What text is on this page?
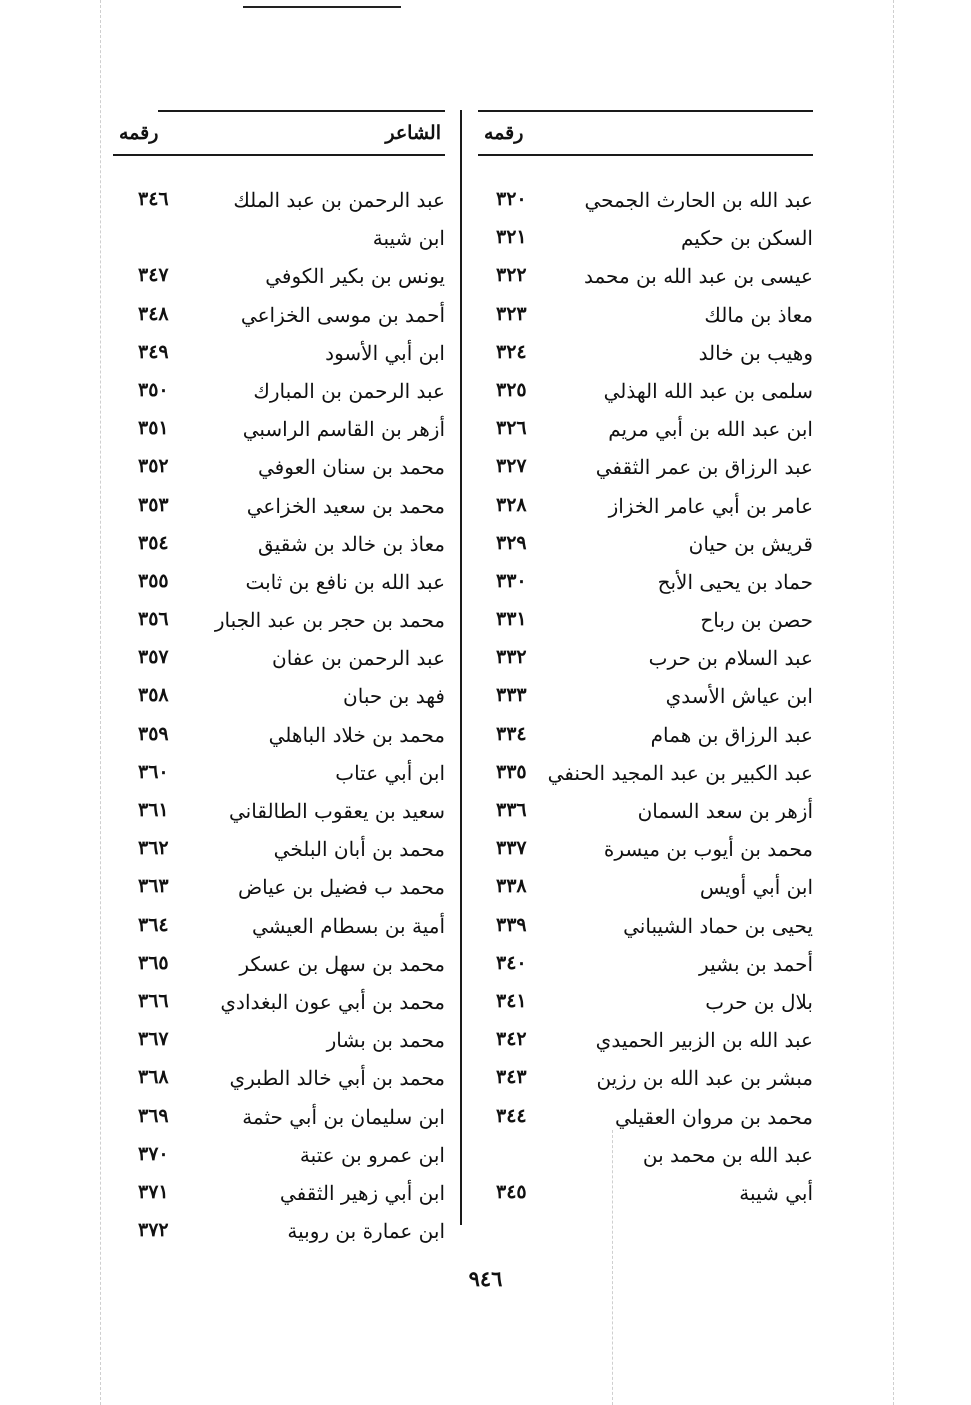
رقمه
عبد الله بن الحارث الجمحي
٣٢٠
السكن بن حكيم
٣٢١
عيسى بن عبد الله بن محمد
٣٢٢
معاذ بن مالك
٣٢٣
وهيب بن خالد
٣٢٤
سلمى بن عبد الله الهذلي
٣٢٥
ابن عبد الله بن أبي مريم
٣٢٦
عبد الرزاق بن عمر الثقفي
٣٢٧
عامر بن أبي عامر الخزاز
٣٢٨
قريش بن حيان
٣٢٩
حماد بن يحيى الأبح
٣٣٠
حصن بن رباح
٣٣١
عبد السلام بن حرب
٣٣٢
ابن عياش الأسدي
٣٣٣
عبد الرزاق بن همام
٣٣٤
عبد الكبير بن عبد المجيد الحنفي
٣٣٥
أزهر بن سعد السمان
٣٣٦
محمد بن أيوب بن ميسرة
٣٣٧
ابن أبي أويس
٣٣٨
يحيى بن حماد الشيباني
٣٣٩
أحمد بن بشير
٣٤٠
بلال بن حرب
٣٤١
عبد الله بن الزبير الحميدي
٣٤٢
مبشر بن عبد الله بن رزين
٣٤٣
محمد بن مروان العقيلي
٣٤٤
عبد الله بن محمد بن
أبي شيبة
٣٤٥
الشاعر
رقمه
عبد الرحمن بن عبد الملك
٣٤٦
ابن شيبة
يونس بن بكير الكوفي
٣٤٧
أحمد بن موسى الخزاعي
٣٤٨
ابن أبي الأسود
٣٤٩
عبد الرحمن بن المبارك
٣٥٠
أزهر بن القاسم الراسبي
٣٥١
محمد بن سنان العوفي
٣٥٢
محمد بن سعيد الخزاعي
٣٥٣
معاذ بن خالد بن شقيق
٣٥٤
عبد الله بن نافع بن ثابت
٣٥٥
محمد بن حجر بن عبد الجبار
٣٥٦
عبد الرحمن بن عفان
٣٥٧
فهد بن حبان
٣٥٨
محمد بن خلاد الباهلي
٣٥٩
ابن أبي عتاب
٣٦٠
سعيد بن يعقوب الطالقاني
٣٦١
محمد بن أبان البلخي
٣٦٢
محمد ب فضيل بن عياض
٣٦٣
أمية بن بسطام العيشي
٣٦٤
محمد بن سهل بن عسكر
٣٦٥
محمد بن أبي عون البغدادي
٣٦٦
محمد بن بشار
٣٦٧
محمد بن أبي خالد الطبري
٣٦٨
ابن سليمان بن أبي حثمة
٣٦٩
ابن عمرو بن عتبة
٣٧٠
ابن أبي زهير الثقفي
٣٧١
ابن عمارة بن روبية
٣٧٢
٩٤٦
